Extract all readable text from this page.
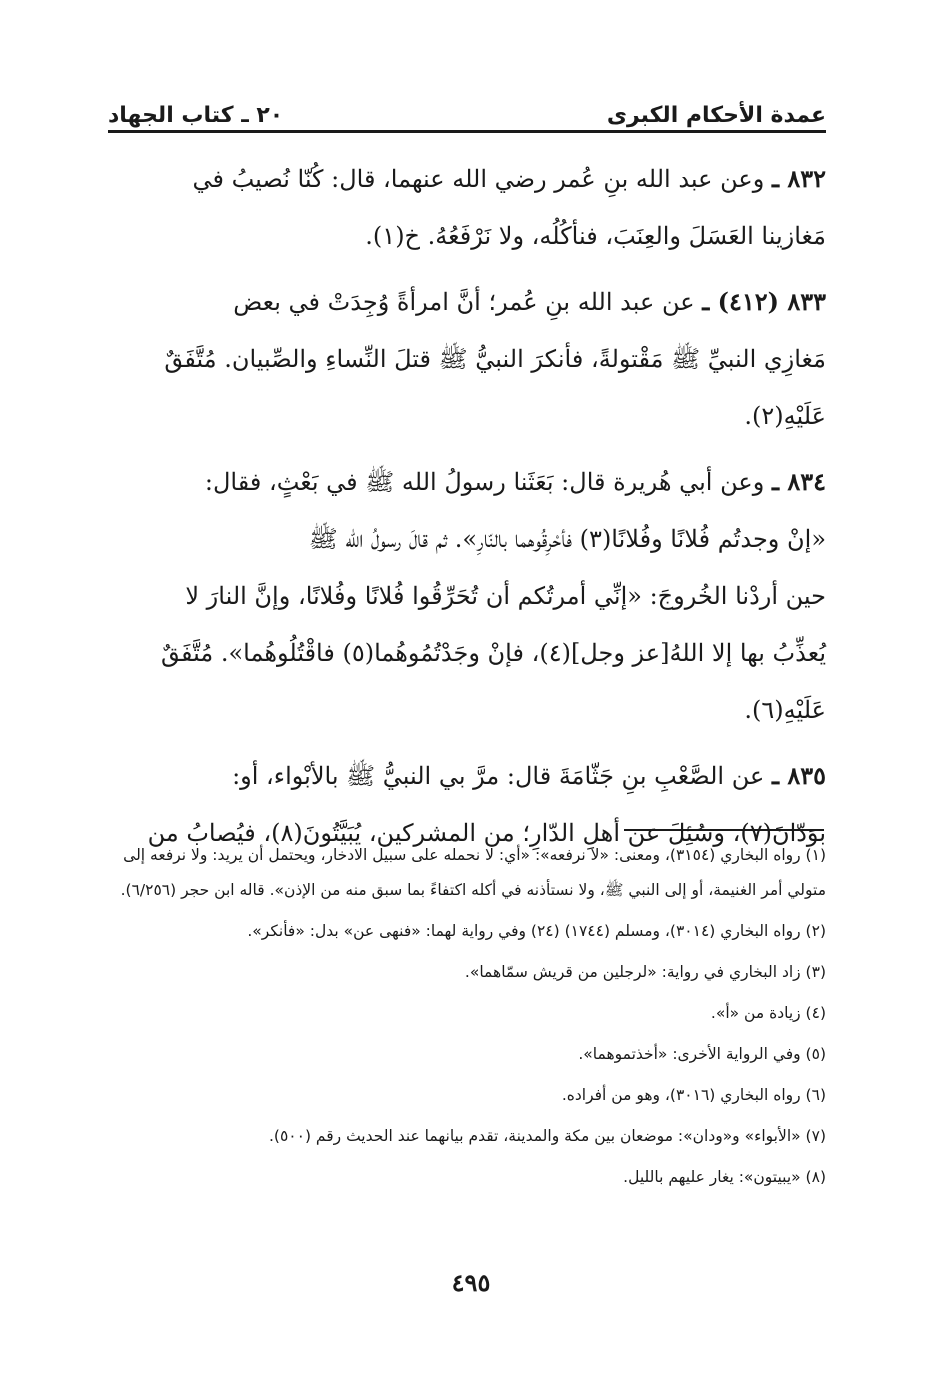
عمدة الأحكام الكبرى
٢٠ ـ كتاب الجهاد

٨٣٢ ـ وعن عبد الله بنِ عُمر رضي الله عنهما، قال: كُنّا نُصيبُ في

مَغازينا العَسَلَ والعِنَبَ، فنأكُلُه، ولا نَرْفَعُهُ. خ(١).

٨٣٣ (٤١٢) ـ عن عبد الله بنِ عُمر؛ أنَّ امرأةً وُجِدَتْ في بعض

مَغازِي النبيِّ ﷺ مَقْتولةً، فأنكرَ النبيُّ ﷺ قتلَ النِّساءِ والصِّبيان. مُتَّفَقٌ

عَلَيْهِ(٢).

٨٣٤ ـ وعن أبي هُريرة قال: بَعَثَنا رسولُ الله ﷺ في بَعْثٍ، فقال:

«إنْ وجدتُم فُلانًا وفُلانًا(٣) فأحْرِقُوهما بالنّارِ». ثم قالَ رسولُ الله ﷺ

حين أردْنا الخُروجَ: «إنِّي أمرتُكم أن تُحَرِّقُوا فُلانًا وفُلانًا، وإنَّ النارَ لا

يُعذِّبُ بها إلا اللهُ[عز وجل](٤)، فإنْ وجَدْتُمُوهُما(٥) فاقْتُلُوهُما». مُتَّفَقٌ

عَلَيْهِ(٦).

٨٣٥ ـ عن الصَّعْبِ بنِ جَثّامَةَ قال: مرَّ بي النبيُّ ﷺ بالأبْواء، أو:

بوَدّانَ(٧)، وسُئِلَ عن أهلِ الدّارِ؛ من المشركين، يُبَيَّتُونَ(٨)، فيُصابُ من

(١) رواه البخاري (٣١٥٤)، ومعنى: «لا نرفعه»: «أي: لا نحمله على سبيل الادخار، ويحتمل أن يريد: ولا نرفعه إلى متولي أمر الغنيمة، أو إلى النبي ﷺ، ولا نستأذنه في أكله اكتفاءً بما سبق منه من الإذن». قاله ابن حجر (٦/٢٥٦).

(٢) رواه البخاري (٣٠١٤)، ومسلم (١٧٤٤) (٢٤) وفي رواية لهما: «فنهى عن» بدل: «فأنكر».

(٣) زاد البخاري في رواية: «لرجلين من قريش سمّاهما».

(٤) زيادة من «أ».

(٥) وفي الرواية الأخرى: «أخذتموهما».

(٦) رواه البخاري (٣٠١٦)، وهو من أفراده.

(٧) «الأبواء» و«ودان»: موضعان بين مكة والمدينة، تقدم بيانهما عند الحديث رقم (٥٠٠).

(٨) «يبيتون»: يغار عليهم بالليل.

٤٩٥
